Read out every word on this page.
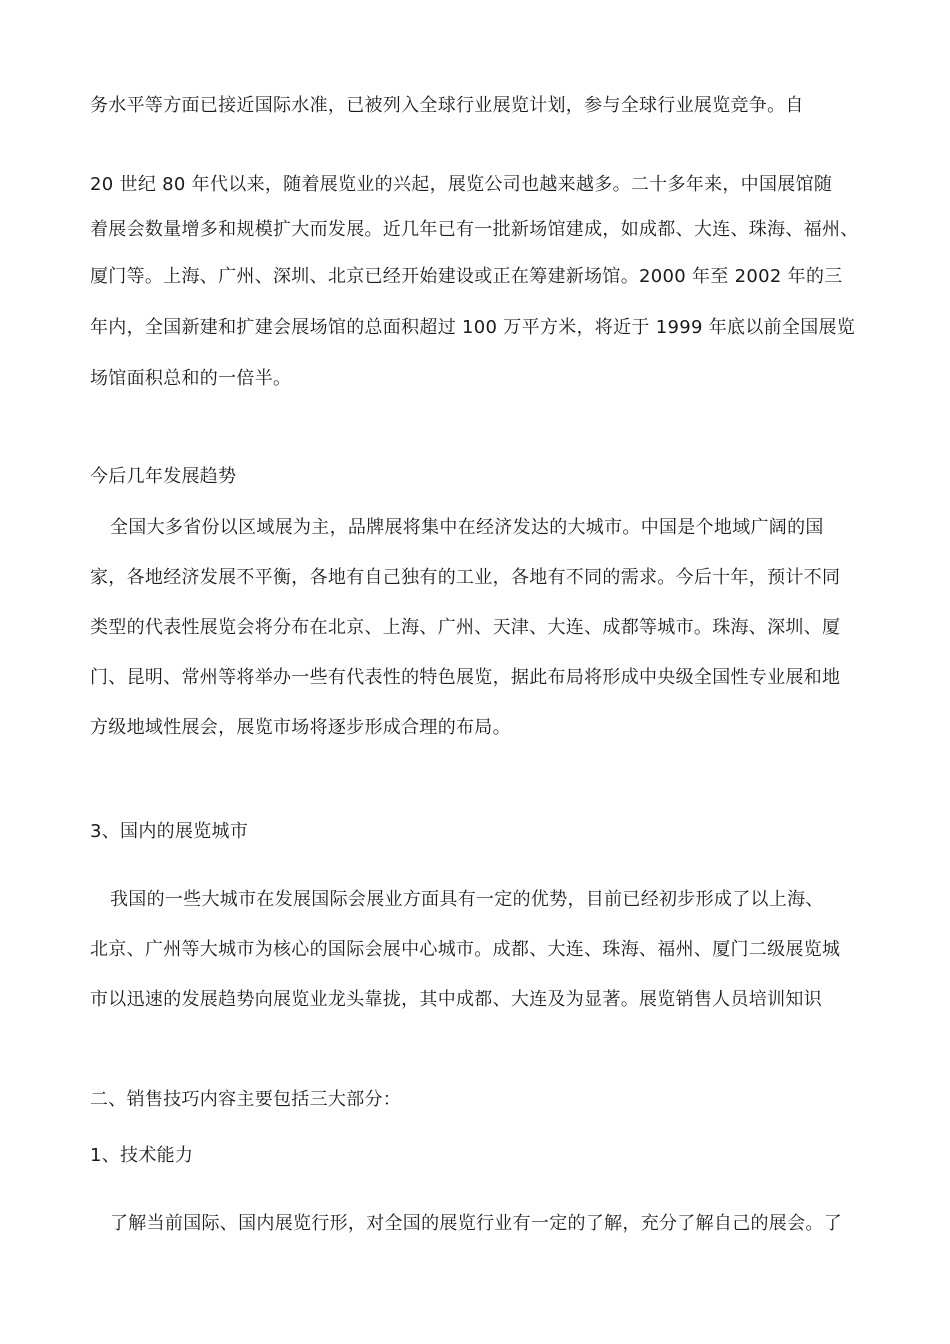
务水平等方面已接近国际水准，已被列入全球行业展览计划，参与全球行业展览竞争。自

20 世纪 80 年代以来，随着展览业的兴起，展览公司也越来越多。二十多年来，中国展馆随

着展会数量增多和规模扩大而发展。近几年已有一批新场馆建成，如成都、大连、珠海、福州、

厦门等。上海、广州、深圳、北京已经开始建设或正在筹建新场馆。2000 年至 2002 年的三

年内，全国新建和扩建会展场馆的总面积超过 100 万平方米，将近于 1999 年底以前全国展览

场馆面积总和的一倍半。

今后几年发展趋势

全国大多省份以区域展为主，品牌展将集中在经济发达的大城市。中国是个地域广阔的国

家，各地经济发展不平衡，各地有自己独有的工业，各地有不同的需求。今后十年，预计不同

类型的代表性展览会将分布在北京、上海、广州、天津、大连、成都等城市。珠海、深圳、厦

门、昆明、常州等将举办一些有代表性的特色展览，据此布局将形成中央级全国性专业展和地

方级地域性展会，展览市场将逐步形成合理的布局。

3、国内的展览城市

我国的一些大城市在发展国际会展业方面具有一定的优势，目前已经初步形成了以上海、

北京、广州等大城市为核心的国际会展中心城市。成都、大连、珠海、福州、厦门二级展览城

市以迅速的发展趋势向展览业龙头靠拢，其中成都、大连及为显著。展览销售人员培训知识

二、销售技巧内容主要包括三大部分：

1、技术能力

了解当前国际、国内展览行形，对全国的展览行业有一定的了解，充分了解自己的展会。了
